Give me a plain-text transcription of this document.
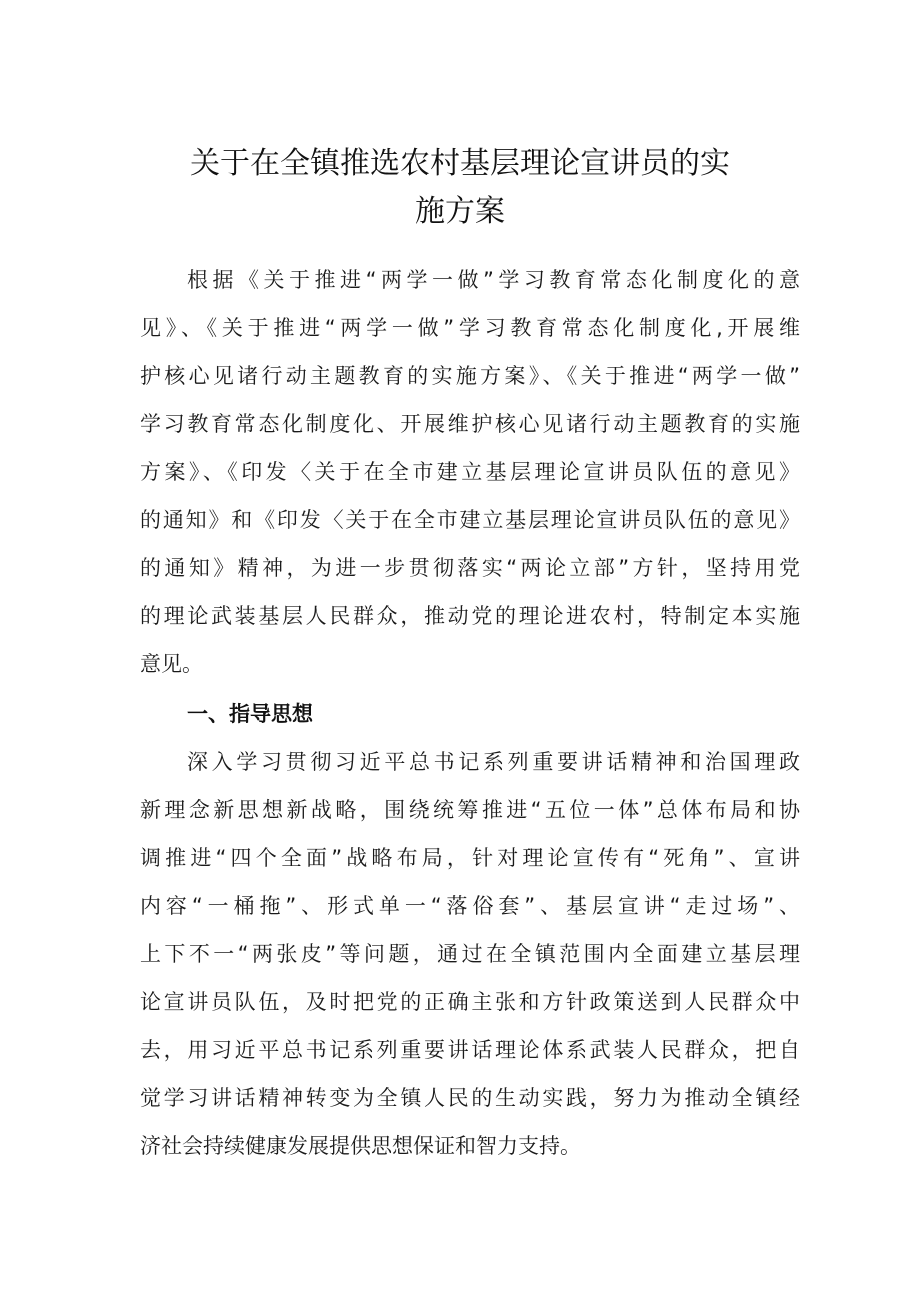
关于在全镇推选农村基层理论宣讲员的实
施方案
根据《关于推进“两学一做”学习教育常态化制度化的意
见》、《关于推进“两学一做”学习教育常态化制度化,开展维
护核心见诸行动主题教育的实施方案》、《关于推进“两学一做”
学习教育常态化制度化、开展维护核心见诸行动主题教育的实施
方案》、《印发〈关于在全市建立基层理论宣讲员队伍的意见》
的通知》和《印发〈关于在全市建立基层理论宣讲员队伍的意见》
的通知》精神，为进一步贯彻落实“两论立部”方针，坚持用党
的理论武装基层人民群众，推动党的理论进农村，特制定本实施
意见。
一、指导思想
深入学习贯彻习近平总书记系列重要讲话精神和治国理政
新理念新思想新战略，围绕统筹推进“五位一体”总体布局和协
调推进“四个全面”战略布局，针对理论宣传有“死角”、宣讲
内容“一桶拖”、形式单一“落俗套”、基层宣讲“走过场”、
上下不一“两张皮”等问题，通过在全镇范围内全面建立基层理
论宣讲员队伍，及时把党的正确主张和方针政策送到人民群众中
去，用习近平总书记系列重要讲话理论体系武装人民群众，把自
觉学习讲话精神转变为全镇人民的生动实践，努力为推动全镇经
济社会持续健康发展提供思想保证和智力支持。
